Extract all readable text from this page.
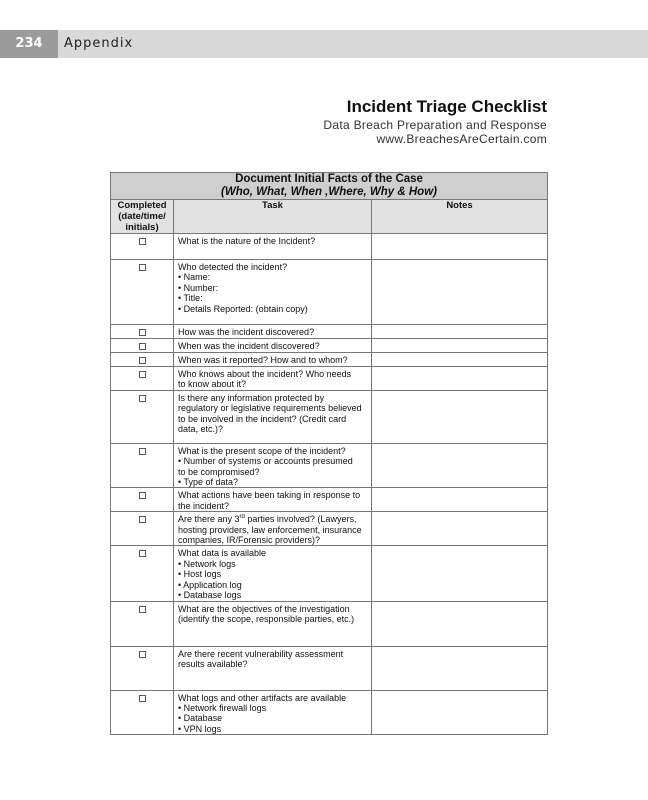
234	Appendix
Incident Triage Checklist
Data Breach Preparation and Response
www.BreachesAreCertain.com
Document Initial Facts of the Case
(Who, What, When ,Where, Why & How)		

Completed (date/time/ initials)	Task	Notes

	What is the nature of the Incident?	

	Who detected the incident?
• Name:
• Number:
• Title:
• Details Reported: (obtain copy)	

	How was the incident discovered?	

	When was the incident discovered?	

	When was it reported? How and to whom?	

	Who knows about the incident? Who needs
to know about it?	

	Is there any information protected by
regulatory or legislative requirements believed
to be involved in the incident? (Credit card
data, etc.)?	

	What is the present scope of the incident?
• Number of systems or accounts presumed
to be compromised?
• Type of data?	

	What actions have been taking in response to
the incident?	

	Are there any 3rd parties involved? (Lawyers,
hosting providers, law enforcement, insurance
companies, IR/Forensic providers)?	

	What data is available
• Network logs
• Host logs
• Application log
• Database logs	

	What are the objectives of the investigation
(identify the scope, responsible parties, etc.)	

	Are there recent vulnerability assessment
results available?	

	What logs and other artifacts are available
• Network firewall logs
• Database
• VPN logs	
